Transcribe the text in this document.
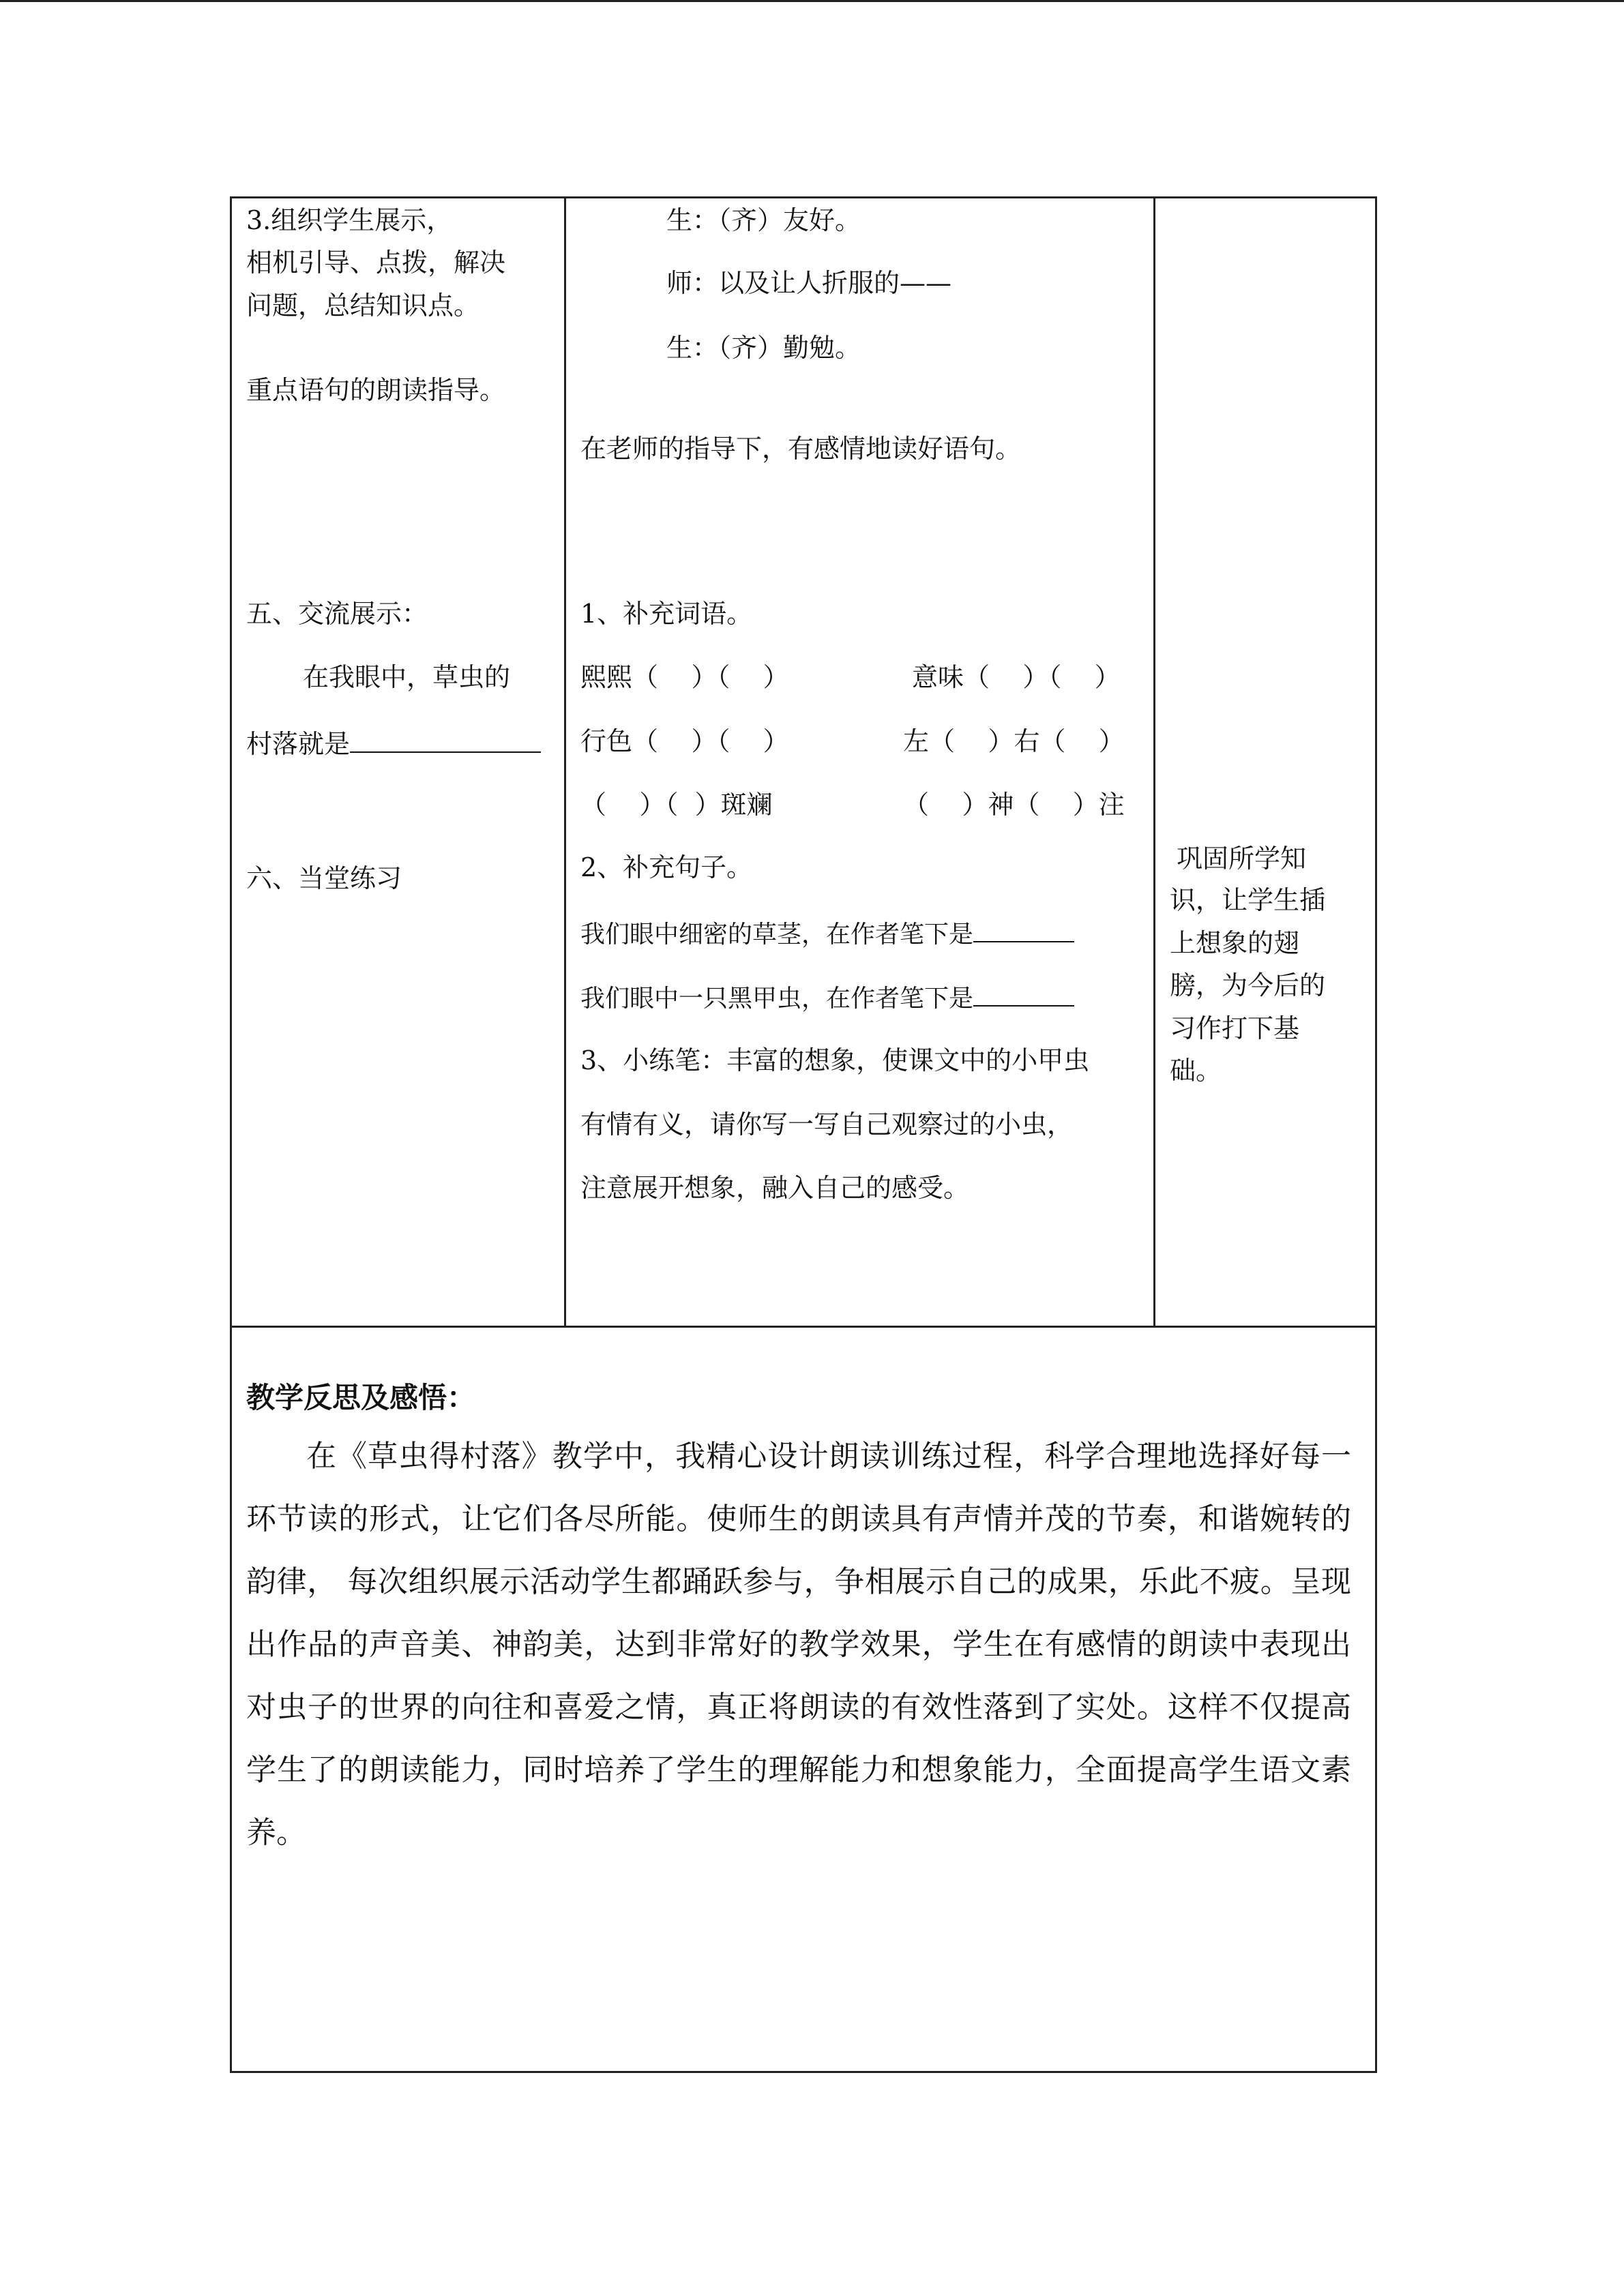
3.组织学生展示，
相机引导、点拨，解决
问题，总结知识点。
重点语句的朗读指导。
五、交流展示：
在我眼中，草虫的
村落就是
六、当堂练习
生：（齐）友好。
师：以及让人折服的——
生：（齐）勤勉。
在老师的指导下，有感情地读好语句。
1、补充词语。
熙熙（    ）（    ）	意味（    ）（    ）
行色（    ）（    ）	左（    ）右（    ）
（    ）（  ）斑斓	（    ）神（    ）注
2、补充句子。
我们眼中细密的草茎，在作者笔下是
我们眼中一只黑甲虫，在作者笔下是
3、小练笔：丰富的想象，使课文中的小甲虫
有情有义，请你写一写自己观察过的小虫，
注意展开想象，融入自己的感受。
巩固所学知
识，让学生插
上想象的翅
膀，为今后的
习作打下基
础。
教学反思及感悟：

在《草虫得村落》教学中，我精心设计朗读训练过程，科学合理地选择好每一环节读的形式，让它们各尽所能。使师生的朗读具有声情并茂的节奏，和谐婉转的韵律， 每次组织展示活动学生都踊跃参与，争相展示自己的成果，乐此不疲。呈现出作品的声音美、神韵美，达到非常好的教学效果，学生在有感情的朗读中表现出对虫子的世界的向往和喜爱之情，真正将朗读的有效性落到了实处。这样不仅提高学生了的朗读能力，同时培养了学生的理解能力和想象能力，全面提高学生语文素养。
